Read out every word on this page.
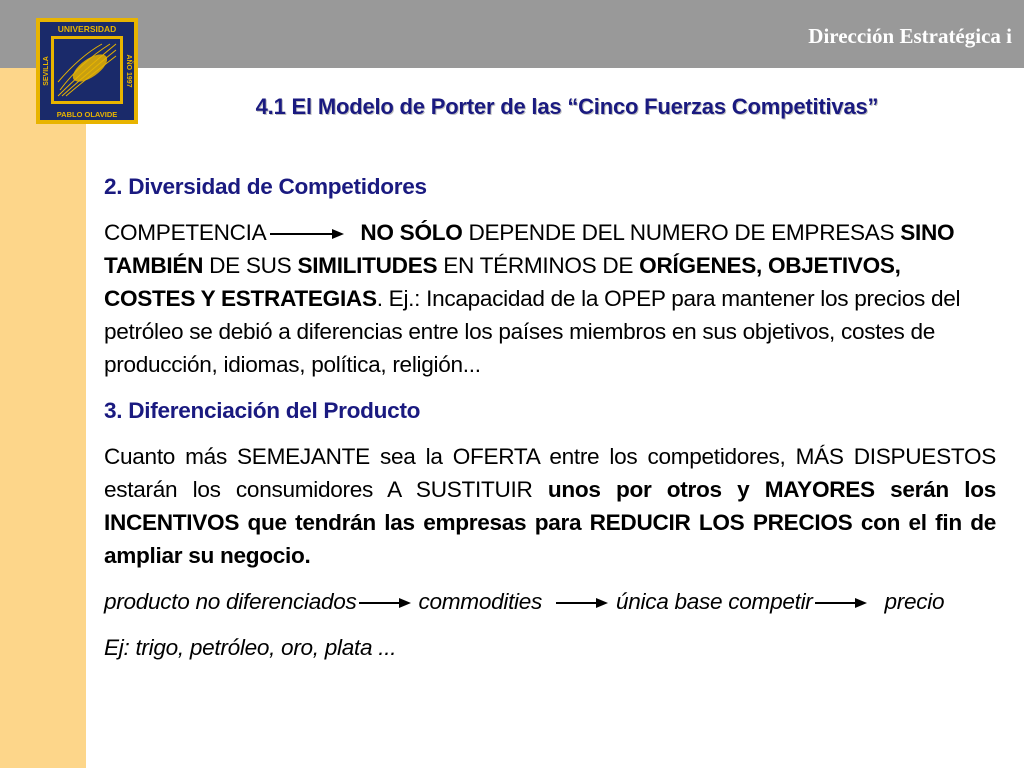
Dirección Estratégica i
UNIVERSIDAD
PABLO OLAVIDE
SEVILLA	AÑO 1997
4.1 El Modelo de Porter de las “Cinco Fuerzas Competitivas”

2. Diversidad de Competidores

COMPETENCIA	NO SÓLO DEPENDE DEL NUMERO DE EMPRESAS SINO TAMBIÉN DE SUS SIMILITUDES EN TÉRMINOS DE ORÍGENES, OBJETIVOS, COSTES Y ESTRATEGIAS. Ej.: Incapacidad de la OPEP para mantener los precios del petróleo se debió a diferencias entre los países miembros en sus objetivos, costes de producción, idiomas, política, religión...

3. Diferenciación del Producto

Cuanto más SEMEJANTE sea la OFERTA entre los competidores, MÁS DISPUESTOS estarán los consumidores A SUSTITUIR unos por otros y MAYORES serán los INCENTIVOS que tendrán las empresas para REDUCIR LOS PRECIOS con el fin de ampliar su negocio.

producto no diferenciados	commodities	única base competir	precio

Ej: trigo, petróleo, oro, plata ...
